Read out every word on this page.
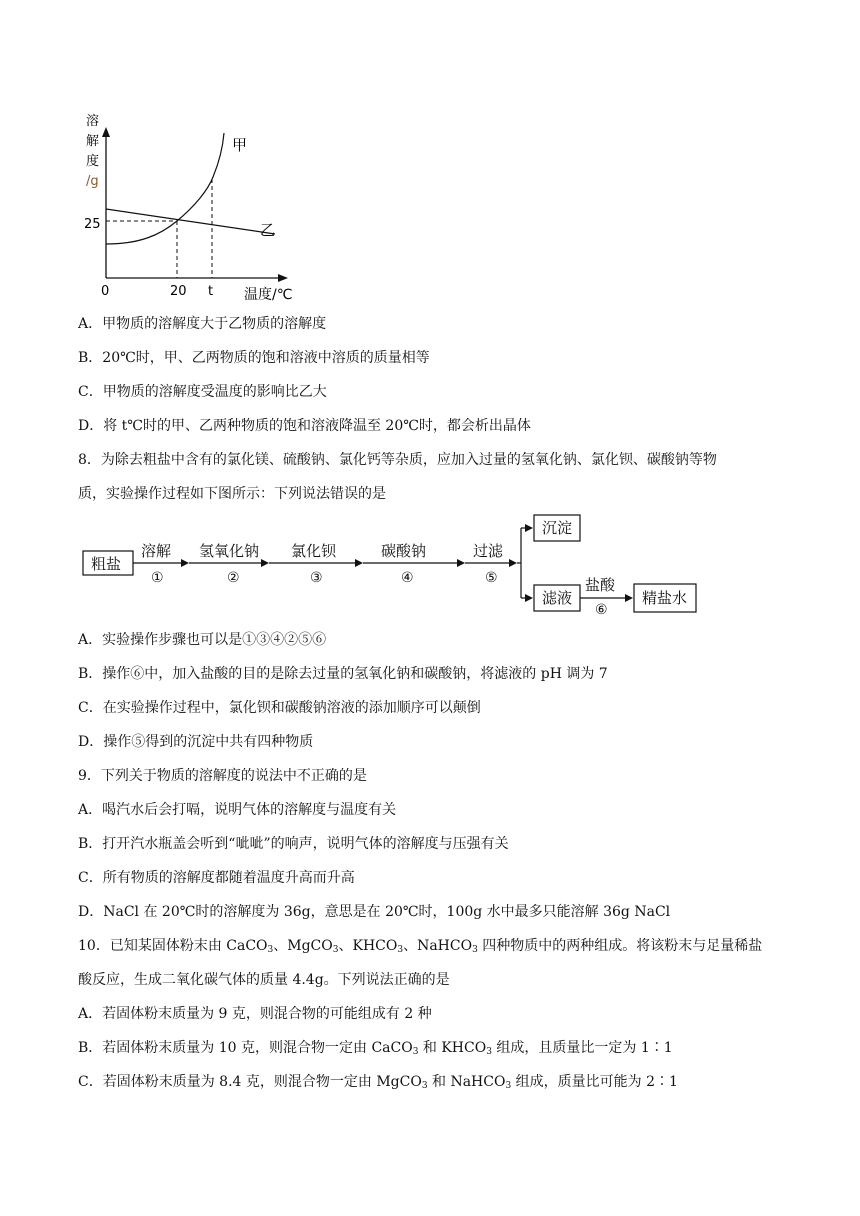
溶
解
度
/g
甲
乙
25
0	20 t 温度/℃
A．甲物质的溶解度大于乙物质的溶解度
B．20℃时，甲、乙两物质的饱和溶液中溶质的质量相等
C．甲物质的溶解度受温度的影响比乙大
D．将 t℃时的甲、乙两种物质的饱和溶液降温至 20℃时，都会析出晶体
8．为除去粗盐中含有的氯化镁、硫酸钠、氯化钙等杂质，应加入过量的氢氧化钠、氯化钡、碳酸钠等物
质，实验操作过程如下图所示：下列说法错误的是
粗盐
溶解
①
氢氧化钠
②
氯化钡
③
碳酸钠
④
过滤
⑤
沉淀
滤液
盐酸
⑥
精盐水
A．实验操作步骤也可以是①③④②⑤⑥
B．操作⑥中，加入盐酸的目的是除去过量的氢氧化钠和碳酸钠，将滤液的 pH 调为 7
C．在实验操作过程中，氯化钡和碳酸钠溶液的添加顺序可以颠倒
D．操作⑤得到的沉淀中共有四种物质
9．下列关于物质的溶解度的说法中不正确的是
A．喝汽水后会打嗝，说明气体的溶解度与温度有关
B．打开汽水瓶盖会听到“呲呲”的响声，说明气体的溶解度与压强有关
C．所有物质的溶解度都随着温度升高而升高
D．NaCl 在 20℃时的溶解度为 36g，意思是在 20℃时，100g 水中最多只能溶解 36g NaCl
10．已知某固体粉末由 CaCO$_3$、MgCO$_3$、$KHCO_3$、NaHCO$_3$ 四种物质中的两种组成。将该粉末与足量稀盐
酸反应，生成二氧化碳气体的质量 4.4g。下列说法正确的是
A．若固体粉末质量为 9 克，则混合物的可能组成有 2 种
B．若固体粉末质量为 10 克，则混合物一定由 CaCO$_3$ 和 $KHCO_3$ 组成，且质量比一定为 1∶1
C．若固体粉末质量为 8.4 克，则混合物一定由 MgCO$_3$ 和 NaHCO$_3$ 组成，质量比可能为 2∶1
